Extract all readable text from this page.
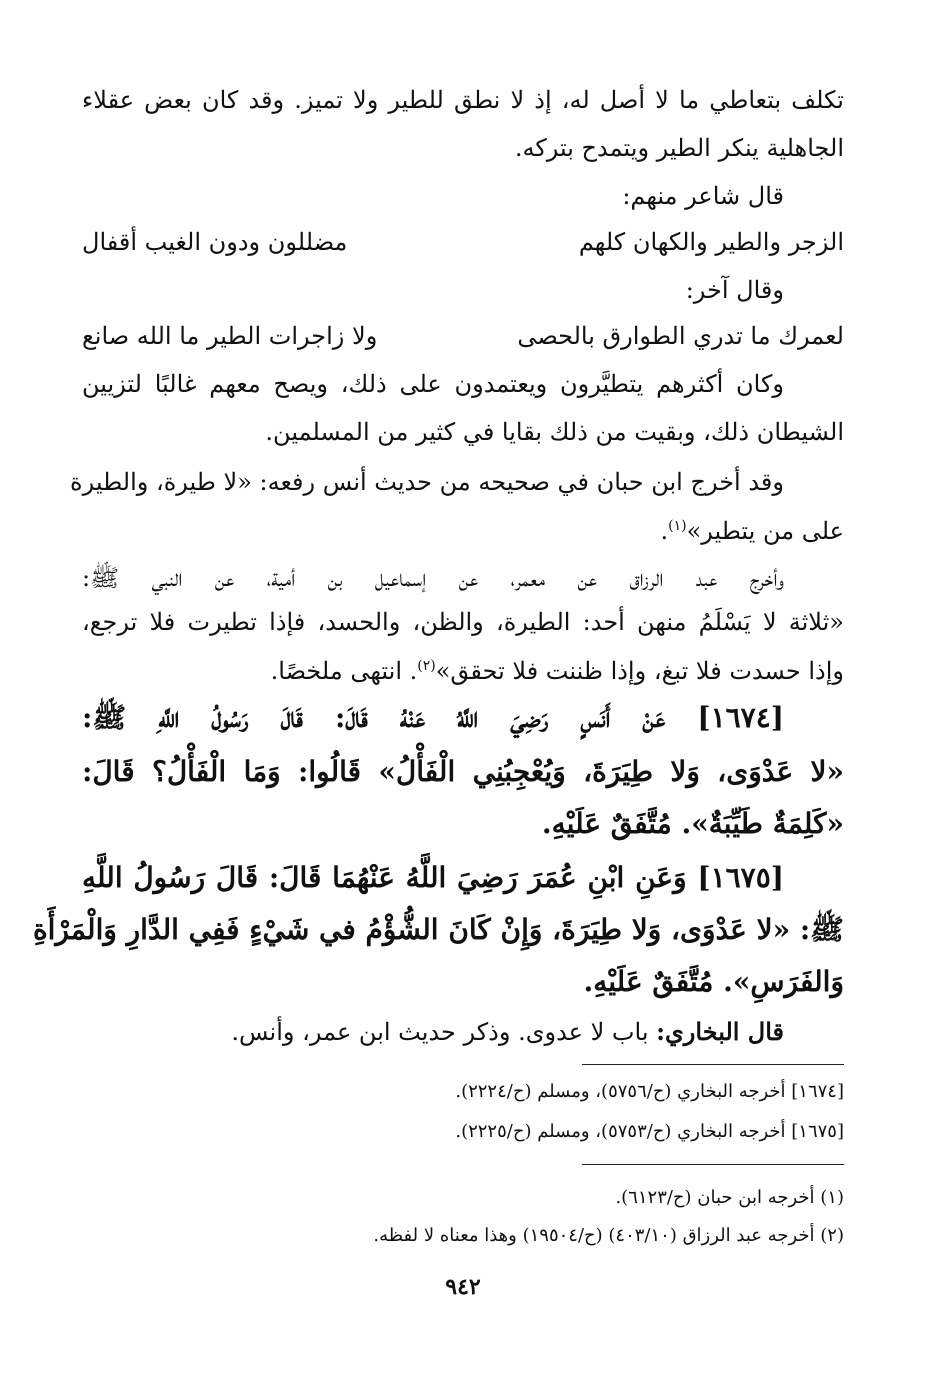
تكلف بتعاطي ما لا أصل له، إذ لا نطق للطير ولا تميز. وقد كان بعض عقلاء
الجاهلية ينكر الطير ويتمدح بتركه.
قال شاعر منهم:
الزجر والطير والكهان كلهم
مضللون ودون الغيب أقفال
وقال آخر:
لعمرك ما تدري الطوارق بالحصى
ولا زاجرات الطير ما الله صانع
وكان أكثرهم يتطيَّرون ويعتمدون على ذلك، ويصح معهم غالبًا لتزيين
الشيطان ذلك، وبقيت من ذلك بقايا في كثير من المسلمين.
وقد أخرج ابن حبان في صحيحه من حديث أنس رفعه: «لا طيرة، والطيرة
على من يتطير»$^{(١)}$.
وأخرج عبد الرزاق عن معمر، عن إسماعيل بن أمية، عن النبي ﷺ:
«ثلاثة لا يَسْلَمُ منهن أحد: الطيرة، والظن، والحسد، فإذا تطيرت فلا ترجع،
وإذا حسدت فلا تبغ، وإذا ظننت فلا تحقق»$^{(٢)}$. انتهى ملخصًا.
[١٦٧٤] عَنْ أَنَسٍ رَضِيَ اللَّهُ عَنْهُ قَالَ: قَالَ رَسُولُ اللَّهِ ﷺ:
«لا عَدْوَى، وَلا طِيَرَةَ، وَيُعْجِبُنِي الْفَأْلُ» قَالُوا: وَمَا الْفَأْلُ؟ قَالَ:
«كَلِمَةٌ طَيِّبَةٌ». مُتَّفَقٌ عَلَيْهِ.
[١٦٧٥] وَعَنِ ابْنِ عُمَرَ رَضِيَ اللَّهُ عَنْهُمَا قَالَ: قَالَ رَسُولُ اللَّهِ
ﷺ: «لا عَدْوَى، وَلا طِيَرَةَ، وَإِنْ كَانَ الشُّؤْمُ في شَيْءٍ فَفِي الدَّارِ وَالْمَرْأَةِ
وَالفَرَسِ». مُتَّفَقٌ عَلَيْهِ.
قال البخاري: باب لا عدوى. وذكر حديث ابن عمر، وأنس.
[١٦٧٤] أخرجه البخاري (ح/٥٧٥٦)، ومسلم (ح/٢٢٢٤).
[١٦٧٥] أخرجه البخاري (ح/٥٧٥٣)، ومسلم (ح/٢٢٢٥).
(١) أخرجه ابن حبان (ح/٦١٢٣).
(٢) أخرجه عبد الرزاق (٤٠٣/١٠) (ح/١٩٥٠٤) وهذا معناه لا لفظه.
٩٤٢
